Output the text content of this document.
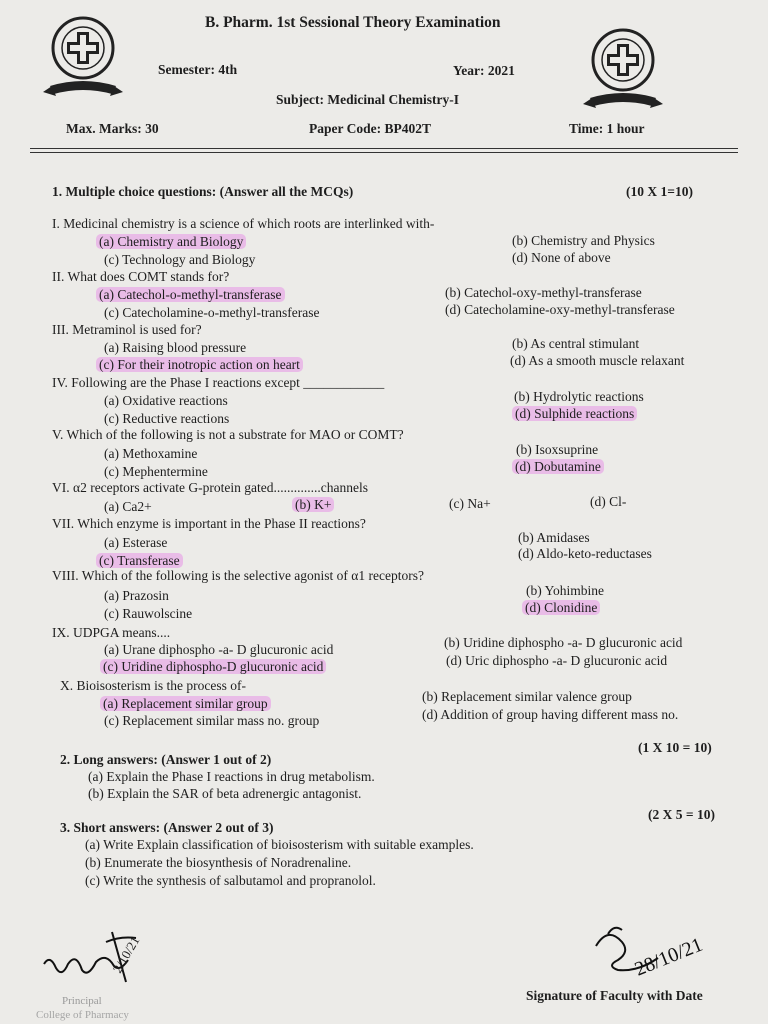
B. Pharm. 1st Sessional Theory Examination
Semester: 4th	Year: 2021
Subject: Medicinal Chemistry-I
Max. Marks: 30	Paper Code: BP402T	Time: 1 hour
1. Multiple choice questions: (Answer all the MCQs)	(10 X 1=10)
I. Medicinal chemistry is a science of which roots are interlinked with-
(a) Chemistry and Biology	(b) Chemistry and Physics
(c) Technology and Biology	(d) None of above
II. What does COMT stands for?
(a) Catechol-o-methyl-transferase	(b) Catechol-oxy-methyl-transferase
(c) Catecholamine-o-methyl-transferase	(d) Catecholamine-oxy-methyl-transferase
III. Metraminol is used for?
(a) Raising blood pressure	(b) As central stimulant
(c) For their inotropic action on heart	(d) As a smooth muscle relaxant
IV. Following are the Phase I reactions except ____________
(a) Oxidative reactions	(b) Hydrolytic reactions
(c) Reductive reactions	(d) Sulphide reactions
V. Which of the following is not a substrate for MAO or COMT?
(a) Methoxamine	(b) Isoxsuprine
(c) Mephentermine	(d) Dobutamine
VI. α2 receptors activate G-protein gated..............channels
(a) Ca2+	(b) K+	(c) Na+	(d) Cl-
VII. Which enzyme is important in the Phase II reactions?
(a) Esterase	(b) Amidases
(c) Transferase	(d) Aldo-keto-reductases
VIII. Which of the following is the selective agonist of α1 receptors?
(a) Prazosin	(b) Yohimbine
(c) Rauwolscine	(d) Clonidine
IX. UDPGA means....
(a) Urane diphospho -a- D glucuronic acid	(b) Uridine diphospho -a- D glucuronic acid
(c) Uridine diphospho-D glucuronic acid	(d) Uric diphospho -a- D glucuronic acid
X. Bioisosterism is the process of-
(a) Replacement similar group	(b) Replacement similar valence group
(c) Replacement similar mass no. group	(d) Addition of group having different mass no.
2. Long answers: (Answer 1 out of 2)
(1 X 10 = 10)
(a) Explain the Phase I reactions in drug metabolism.
(b) Explain the SAR of beta adrenergic antagonist.
3. Short answers: (Answer 2 out of 3)
(2 X 5 = 10)
(a) Write Explain classification of bioisosterism with suitable examples.
(b) Enumerate the biosynthesis of Noradrenaline.
(c) Write the synthesis of salbutamol and propranolol.
2/10/21
Principal
College of Pharmacy
28/10/21
Signature of Faculty with Date
